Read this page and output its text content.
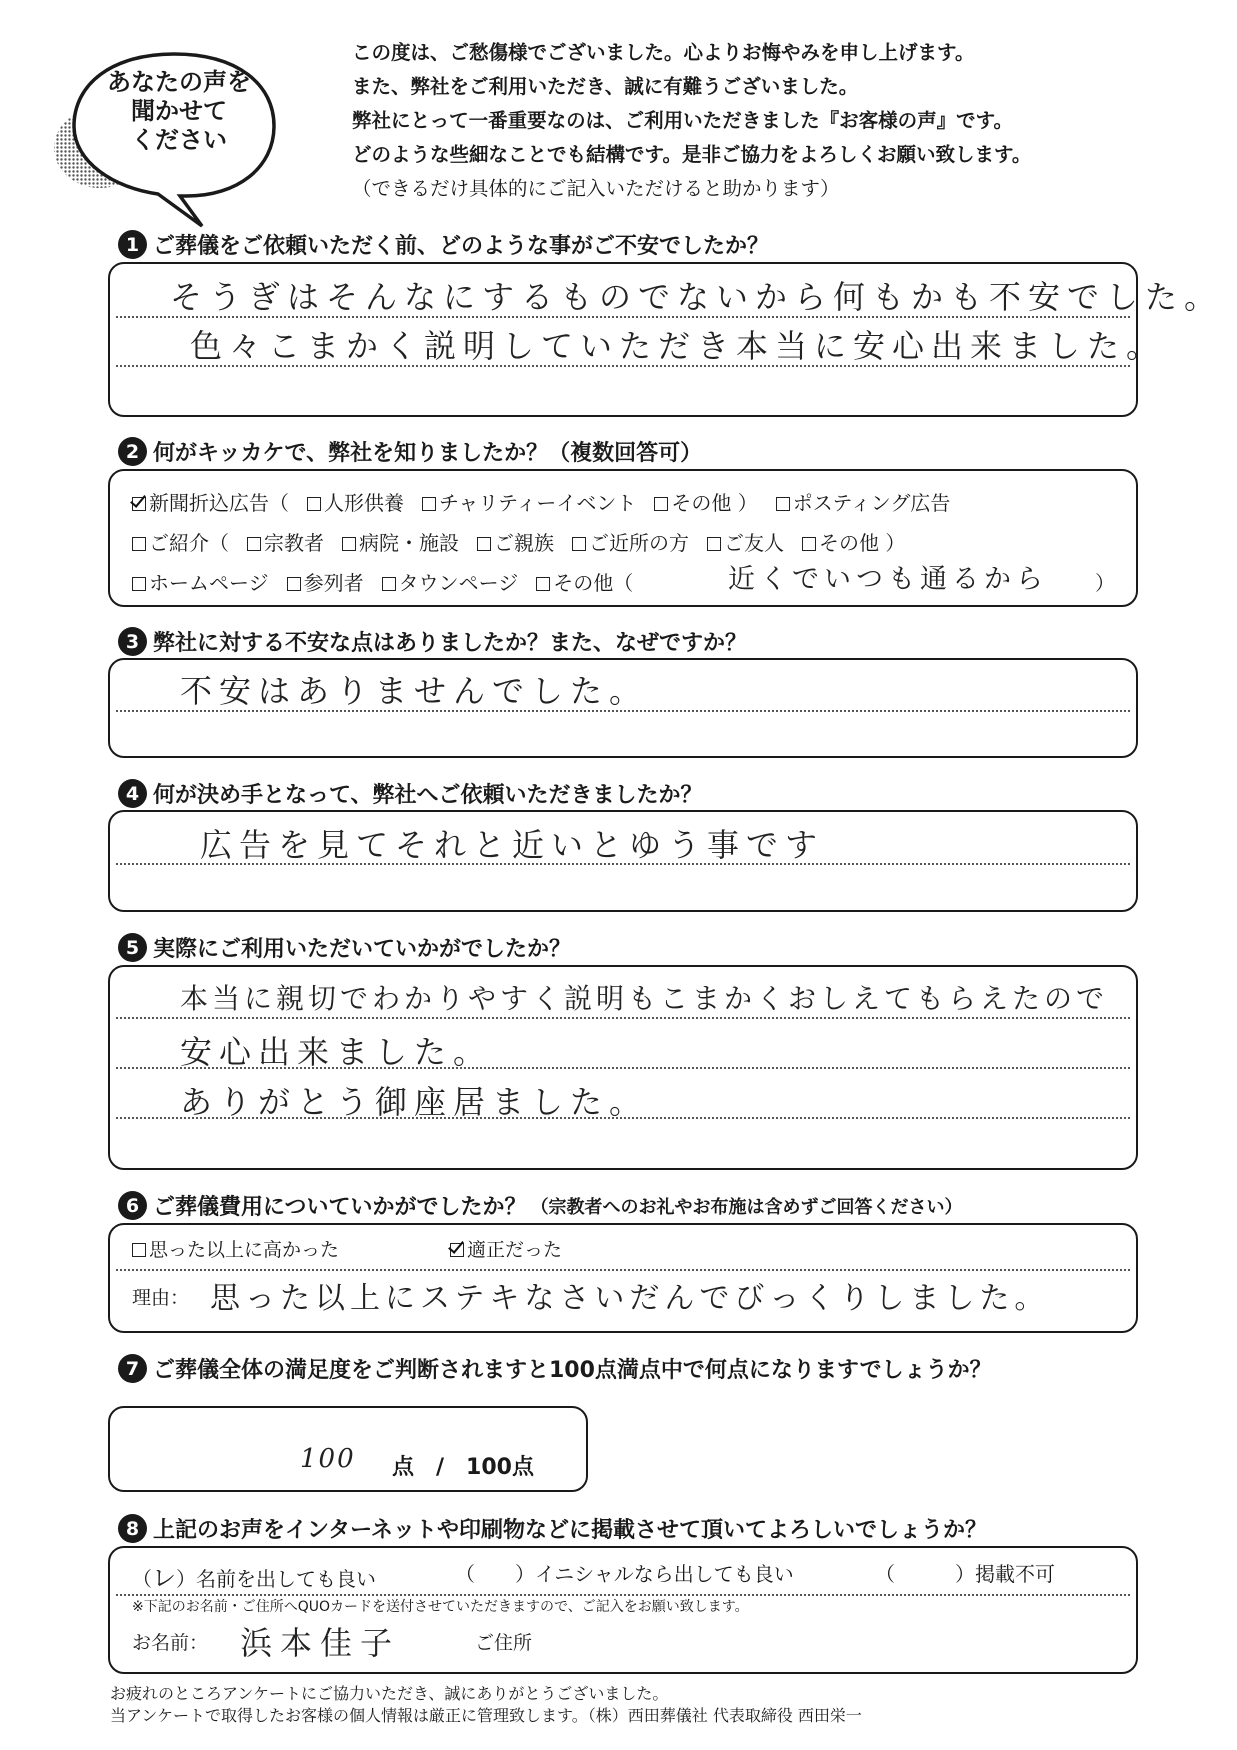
あなたの声を
聞かせて
ください
この度は、ご愁傷様でございました。心よりお悔やみを申し上げます。
また、弊社をご利用いただき、誠に有難うございました。
弊社にとって一番重要なのは、ご利用いただきました『お客様の声』です。
どのような些細なことでも結構です。是非ご協力をよろしくお願い致します。
（できるだけ具体的にご記入いただけると助かります）
1 ご葬儀をご依頼いただく前、どのような事がご不安でしたか？
そうぎはそんなにするものでないから何もかも不安でした。
色々こまかく説明していただき本当に安心出来ました。
2 何がキッカケで、弊社を知りましたか？（複数回答可）
新聞折込広告（	人形供養	チャリティーイベント	その他 ）	ポスティング広告
ご紹介（	宗教者	病院・施設	ご親族	ご近所の方	ご友人	その他 ）
ホームページ	参列者	タウンページ	その他（	近くでいつも通るから ）
3 弊社に対する不安な点はありましたか？また、なぜですか？
不安はありませんでした。
4 何が決め手となって、弊社へご依頼いただきましたか？
広告を見てそれと近いとゆう事です
5 実際にご利用いただいていかがでしたか？
本当に親切でわかりやすく説明もこまかくおしえてもらえたので
安心出来ました。
ありがとう御座居ました。
6 ご葬儀費用についていかがでしたか？ （宗教者へのお礼やお布施は含めずご回答ください）
思った以上に高かった	適正だった
理由： 思った以上にステキなさいだんでびっくりしました。
7 ご葬儀全体の満足度をご判断されますと100点満点中で何点になりますでしょうか？
100 点　/　100点
8 上記のお声をインターネットや印刷物などに掲載させて頂いてよろしいでしょうか？
（レ）名前を出しても良い	（　　）イニシャルなら出しても良い	（　　　）掲載不可
※下記のお名前・ご住所へQUOカードを送付させていただきますので、ご記入をお願い致します。
お名前： 浜本佳子	ご住所
お疲れのところアンケートにご協力いただき、誠にありがとうございました。
当アンケートで取得したお客様の個人情報は厳正に管理致します。（株）西田葬儀社 代表取締役 西田栄一
